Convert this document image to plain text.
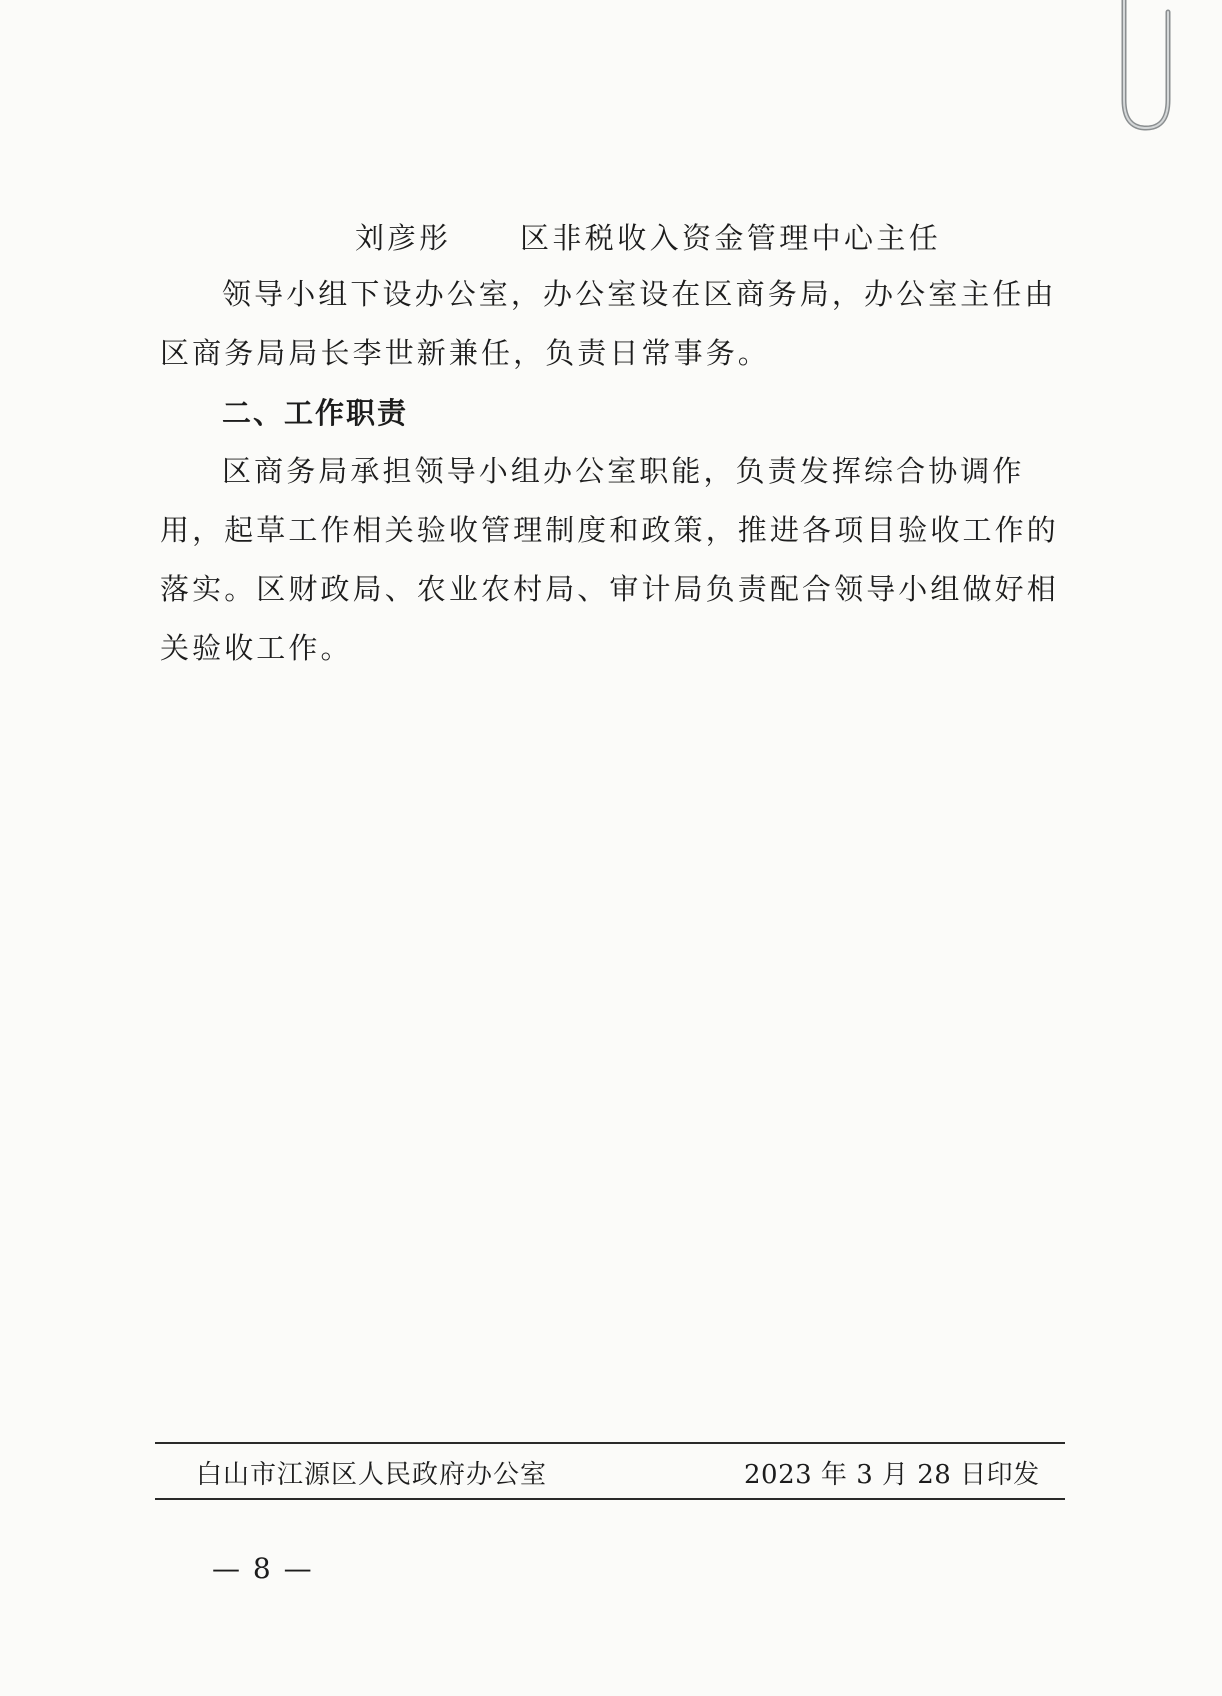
刘彦彤 区非税收入资金管理中心主任
领导小组下设办公室，办公室设在区商务局，办公室主任由
区商务局局长李世新兼任，负责日常事务。
二、工作职责
区商务局承担领导小组办公室职能，负责发挥综合协调作
用，起草工作相关验收管理制度和政策，推进各项目验收工作的
落实。区财政局、农业农村局、审计局负责配合领导小组做好相
关验收工作。
白山市江源区人民政府办公室	2023 年 3 月 28 日印发
— 8 —
